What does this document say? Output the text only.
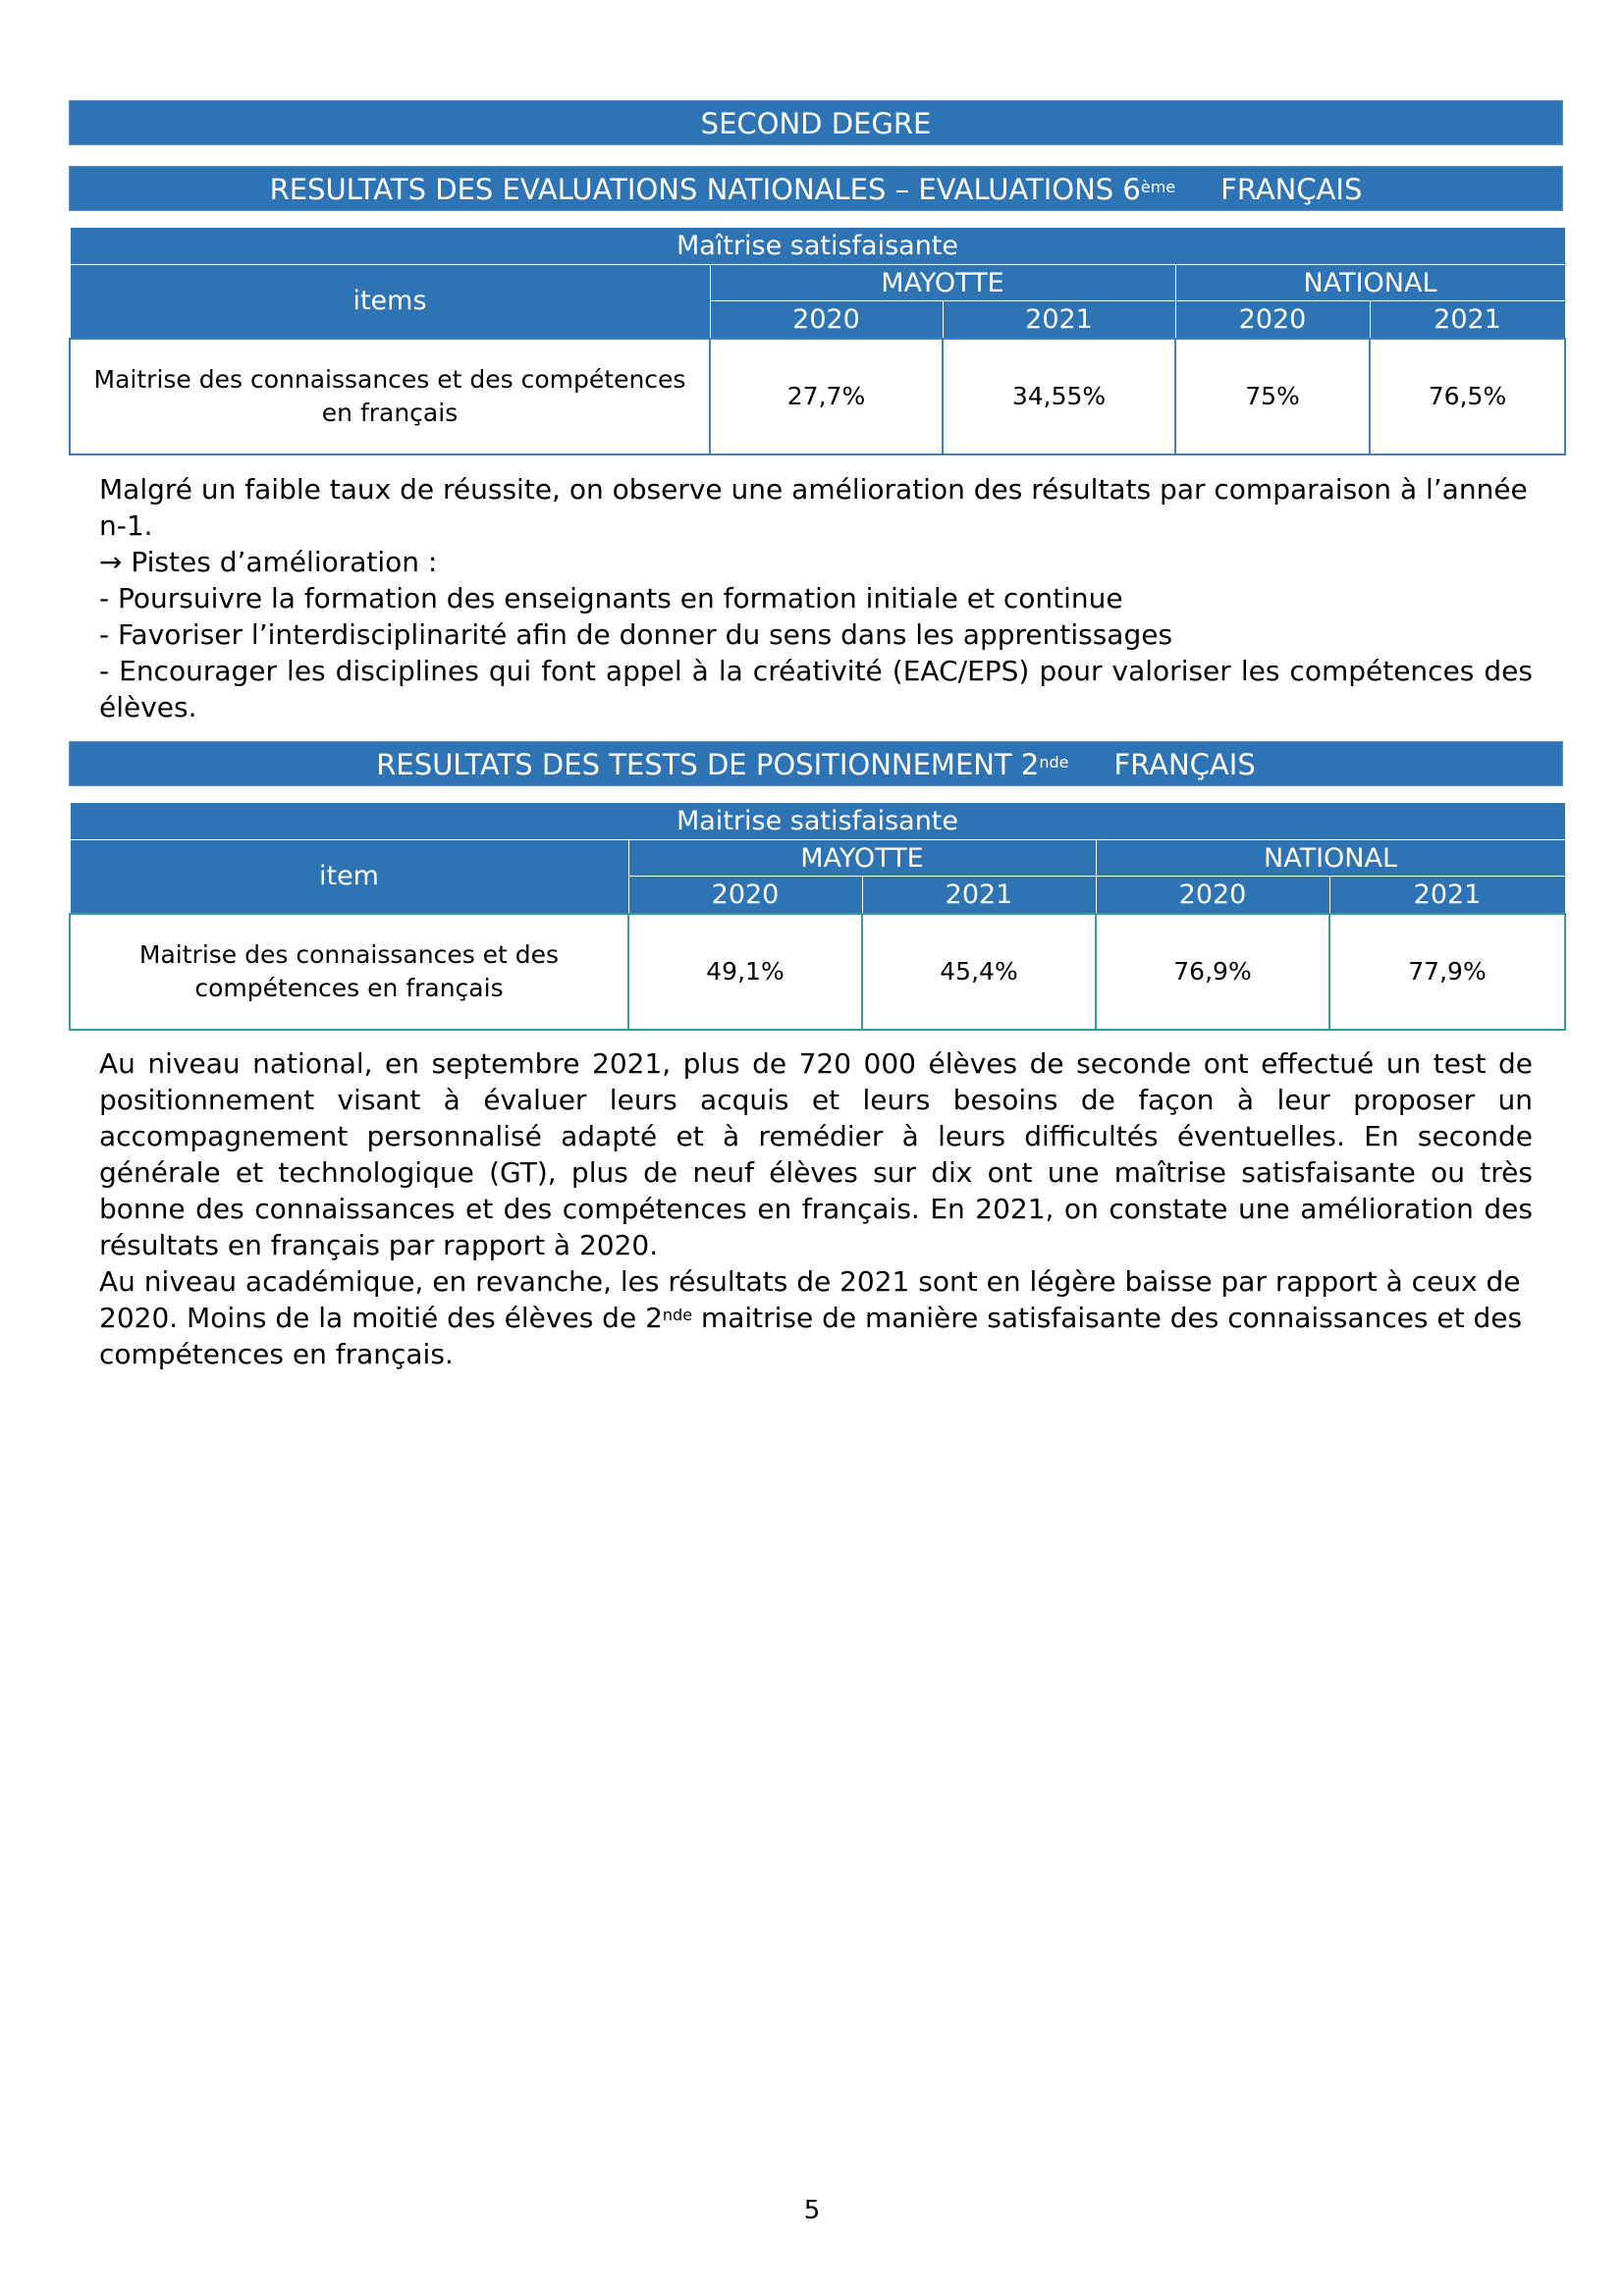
SECOND DEGRE
RESULTATS DES EVALUATIONS NATIONALES – EVALUATIONS 6ème FRANÇAIS
Maîtrise satisfaisante				
items	MAYOTTE		NATIONAL	
	2020	2021	2020	2021
Maitrise des connaissances et des compétences en français	27,7%	34,55%	75%	76,5%

Malgré un faible taux de réussite, on observe une amélioration des résultats par comparaison à l’année n-1.

→ Pistes d’amélioration :

- Poursuivre la formation des enseignants en formation initiale et continue

- Favoriser l’interdisciplinarité afin de donner du sens dans les apprentissages

- Encourager les disciplines qui font appel à la créativité (EAC/EPS) pour valoriser les compétences des élèves.

RESULTATS DES TESTS DE POSITIONNEMENT 2nde FRANÇAIS
Maitrise satisfaisante				
item	MAYOTTE		NATIONAL	
	2020	2021	2020	2021
Maitrise des connaissances et des compétences en français	49,1%	45,4%	76,9%	77,9%

Au niveau national, en septembre 2021, plus de 720 000 élèves de seconde ont effectué un test de positionnement visant à évaluer leurs acquis et leurs besoins de façon à leur proposer un accompagnement personnalisé adapté et à remédier à leurs difficultés éventuelles. En seconde générale et technologique (GT), plus de neuf élèves sur dix ont une maîtrise satisfaisante ou très bonne des connaissances et des compétences en français. En 2021, on constate une amélioration des résultats en français par rapport à 2020.

Au niveau académique, en revanche, les résultats de 2021 sont en légère baisse par rapport à ceux de 2020. Moins de la moitié des élèves de 2nde maitrise de manière satisfaisante des connaissances et des compétences en français.

5
